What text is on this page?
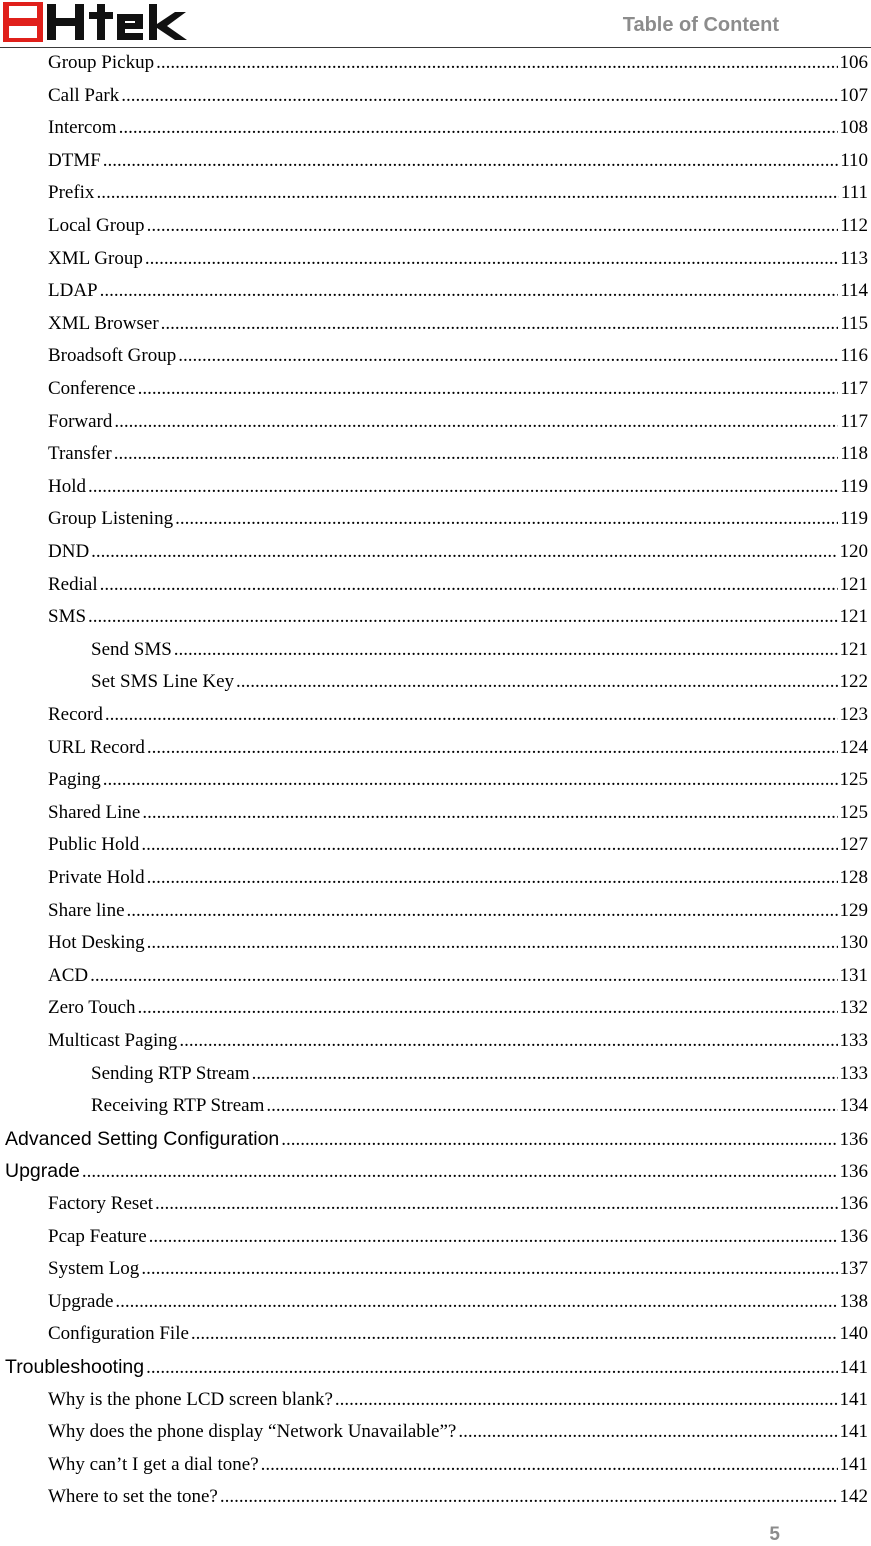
Table of Content
Group Pickup .....	106
Call Park .....	107
Intercom .....	108
DTMF .....	110
Prefix .....	111
Local Group .....	112
XML Group .....	113
LDAP .....	114
XML Browser .....	115
Broadsoft Group .....	116
Conference .....	117
Forward .....	117
Transfer .....	118
Hold .....	119
Group Listening .....	119
DND .....	120
Redial .....	121
SMS .....	121
Send SMS .....	121
Set SMS Line Key .....	122
Record .....	123
URL Record .....	124
Paging .....	125
Shared Line .....	125
Public Hold .....	127
Private Hold .....	128
Share line .....	129
Hot Desking .....	130
ACD .....	131
Zero Touch .....	132
Multicast Paging .....	133
Sending RTP Stream .....	133
Receiving RTP Stream .....	134
Advanced Setting Configuration .....	136
Upgrade .....	136
Factory Reset .....	136
Pcap Feature .....	136
System Log .....	137
Upgrade .....	138
Configuration File .....	140
Troubleshooting .....	141
Why is the phone LCD screen blank? .....	141
Why does the phone display “Network Unavailable”? .....	141
Why can’t I get a dial tone? .....	141
Where to set the tone? .....	142
5
